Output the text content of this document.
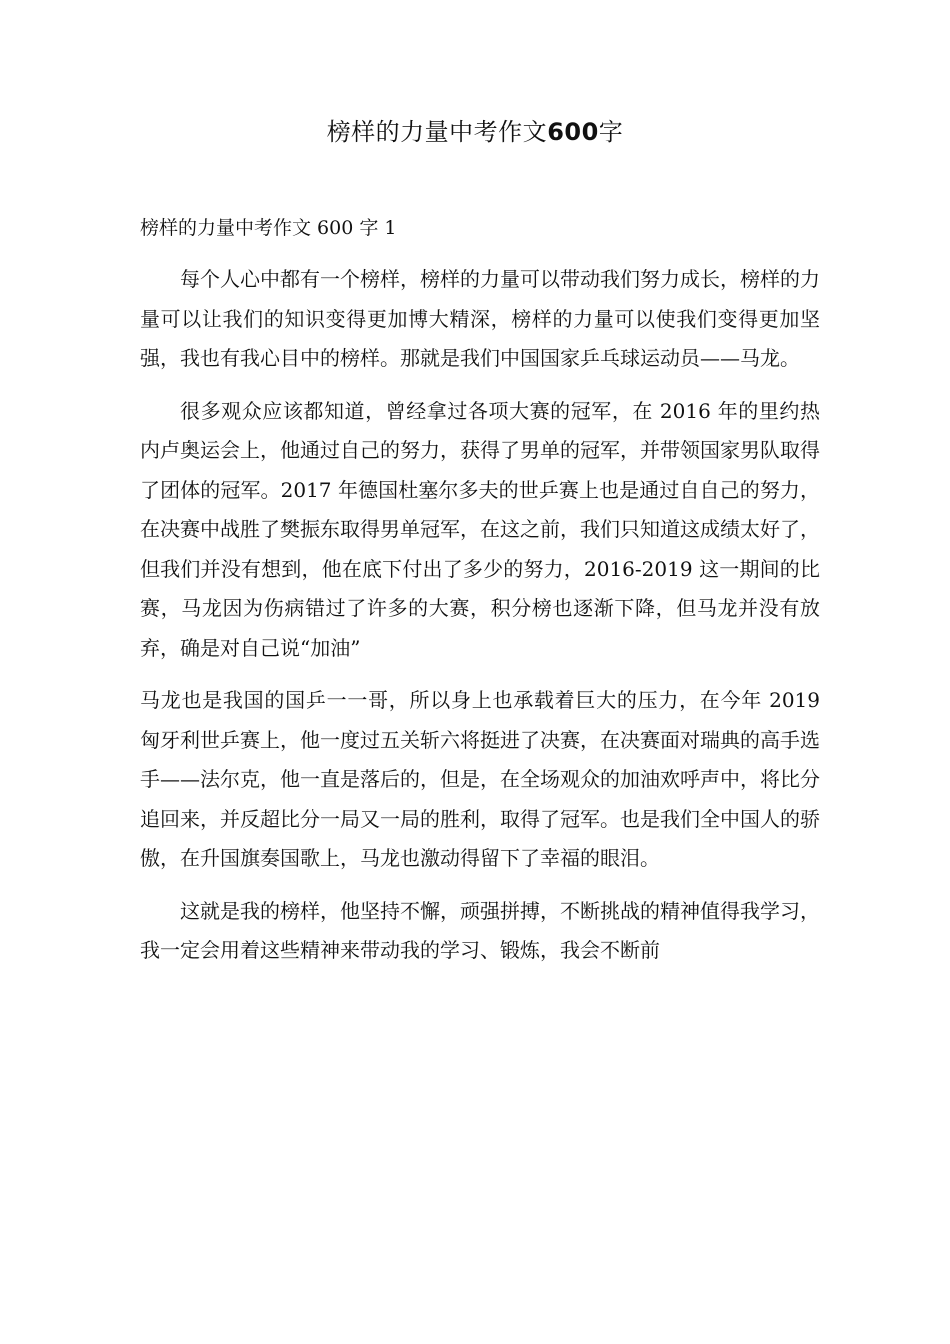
榜样的力量中考作文600字
榜样的力量中考作文 600 字 1

每个人心中都有一个榜样，榜样的力量可以带动我们努力成长，榜样的力量可以让我们的知识变得更加博大精深，榜样的力量可以使我们变得更加坚强，我也有我心目中的榜样。那就是我们中国国家乒乓球运动员——马龙。

很多观众应该都知道，曾经拿过各项大赛的冠军，在 2016 年的里约热内卢奥运会上，他通过自己的努力，获得了男单的冠军，并带领国家男队取得了团体的冠军。2017 年德国杜塞尔多夫的世乒赛上也是通过自自己的努力，在决赛中战胜了樊振东取得男单冠军，在这之前，我们只知道这成绩太好了，但我们并没有想到，他在底下付出了多少的努力，2016-2019 这一期间的比赛，马龙因为伤病错过了许多的大赛，积分榜也逐渐下降，但马龙并没有放弃，确是对自己说“加油”

马龙也是我国的国乒一一哥，所以身上也承载着巨大的压力，在今年 2019 匈牙利世乒赛上，他一度过五关斩六将挺进了决赛，在决赛面对瑞典的高手选手——法尔克，他一直是落后的，但是，在全场观众的加油欢呼声中，将比分追回来，并反超比分一局又一局的胜利，取得了冠军。也是我们全中国人的骄傲，在升国旗奏国歌上，马龙也激动得留下了幸福的眼泪。

这就是我的榜样，他坚持不懈，顽强拼搏，不断挑战的精神值得我学习，我一定会用着这些精神来带动我的学习、锻炼，我会不断前
